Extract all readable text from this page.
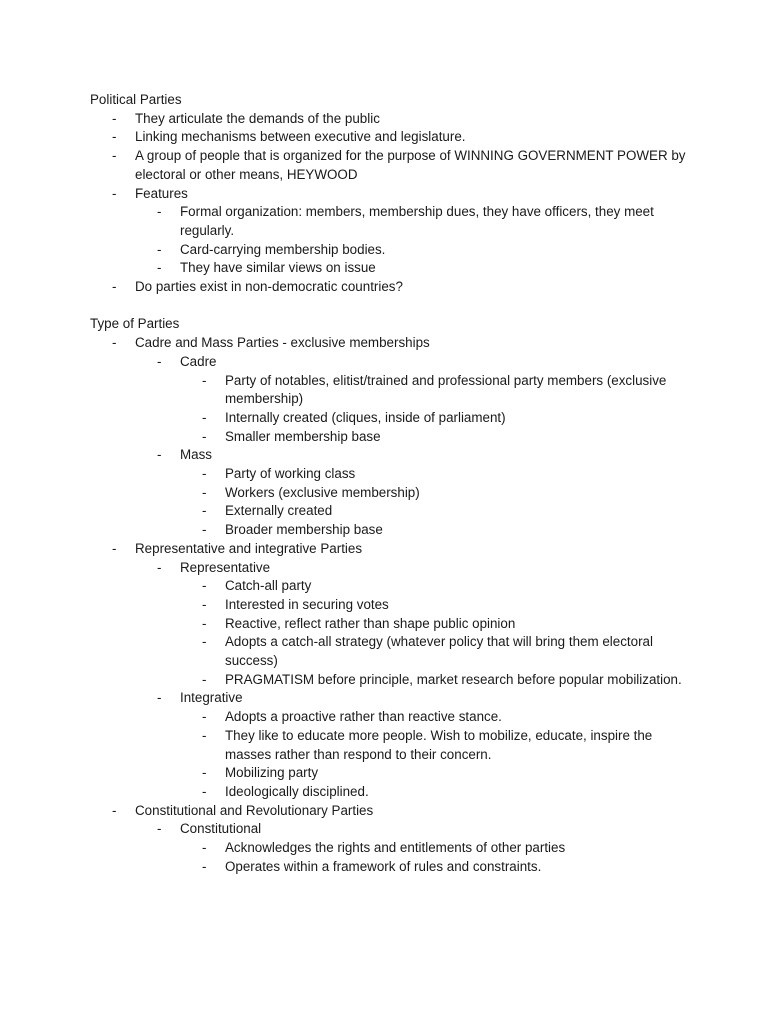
Political Parties
- They articulate the demands of the public
- Linking mechanisms between executive and legislature.
- A group of people that is organized for the purpose of WINNING GOVERNMENT POWER by electoral or other means, HEYWOOD
- Features
- Formal organization: members, membership dues, they have officers, they meet regularly.
- Card-carrying membership bodies.
- They have similar views on issue
- Do parties exist in non-democratic countries?
Type of Parties
- Cadre and Mass Parties - exclusive memberships
- Cadre
- Party of notables, elitist/trained and professional party members (exclusive membership)
- Internally created (cliques, inside of parliament)
- Smaller membership base
- Mass
- Party of working class
- Workers (exclusive membership)
- Externally created
- Broader membership base
- Representative and integrative Parties
- Representative
- Catch-all party
- Interested in securing votes
- Reactive, reflect rather than shape public opinion
- Adopts a catch-all strategy (whatever policy that will bring them electoral success)
- PRAGMATISM before principle, market research before popular mobilization.
- Integrative
- Adopts a proactive rather than reactive stance.
- They like to educate more people. Wish to mobilize, educate, inspire the masses rather than respond to their concern.
- Mobilizing party
- Ideologically disciplined.
- Constitutional and Revolutionary Parties
- Constitutional
- Acknowledges the rights and entitlements of other parties
- Operates within a framework of rules and constraints.
